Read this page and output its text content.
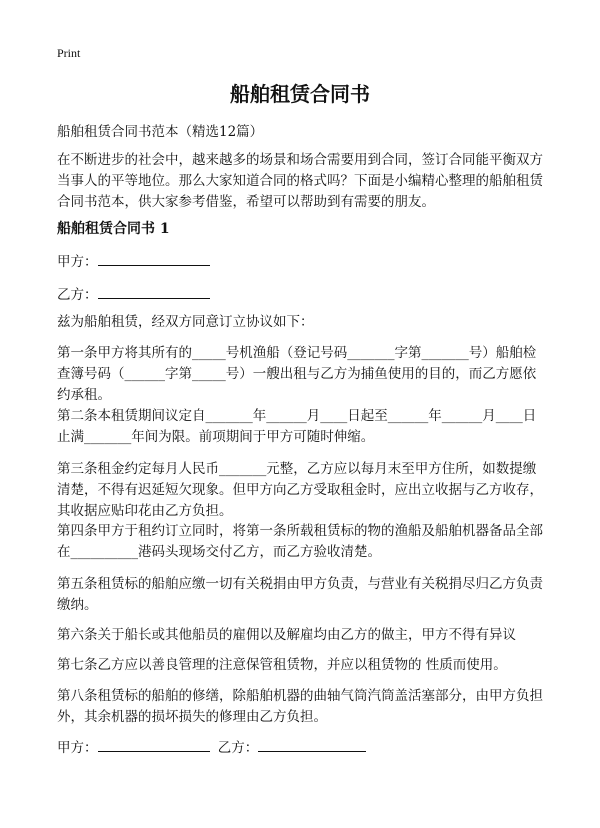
Print
船舶租赁合同书
船舶租赁合同书范本（精选12篇）
在不断进步的社会中，越来越多的场景和场合需要用到合同，签订合同能平衡双方当事人的平等地位。那么大家知道合同的格式吗？下面是小编精心整理的船舶租赁合同书范本，供大家参考借鉴，希望可以帮助到有需要的朋友。
船舶租赁合同书 1
甲方：
乙方：
兹为船舶租赁，经双方同意订立协议如下：
第一条甲方将其所有的_____号机渔船（登记号码_______字第_______号）船舶检查簿号码（______字第_____号）一艘出租与乙方为捕鱼使用的目的，而乙方愿依约承租。
第二条本租赁期间议定自_______年______月____日起至______年______月____日止满_______年间为限。前项期间于甲方可随时伸缩。
第三条租金约定每月人民币_______元整，乙方应以每月末至甲方住所，如数提缴清楚，不得有迟延短欠现象。但甲方向乙方受取租金时，应出立收据与乙方收存，其收据应贴印花由乙方负担。
第四条甲方于租约订立同时，将第一条所载租赁标的物的渔船及船舶机器备品全部在__________港码头现场交付乙方，而乙方验收清楚。
第五条租赁标的船舶应缴一切有关税捐由甲方负责，与营业有关税捐尽归乙方负责缴纳。
第六条关于船长或其他船员的雇佣以及解雇均由乙方的做主，甲方不得有异议
第七条乙方应以善良管理的注意保管租赁物，并应以租赁物的 性质而使用。
第八条租赁标的船舶的修缮，除船舶机器的曲轴气筒汽筒盖活塞部分，由甲方负担外，其余机器的损坏损失的修理由乙方负担。
甲方：	乙方：
